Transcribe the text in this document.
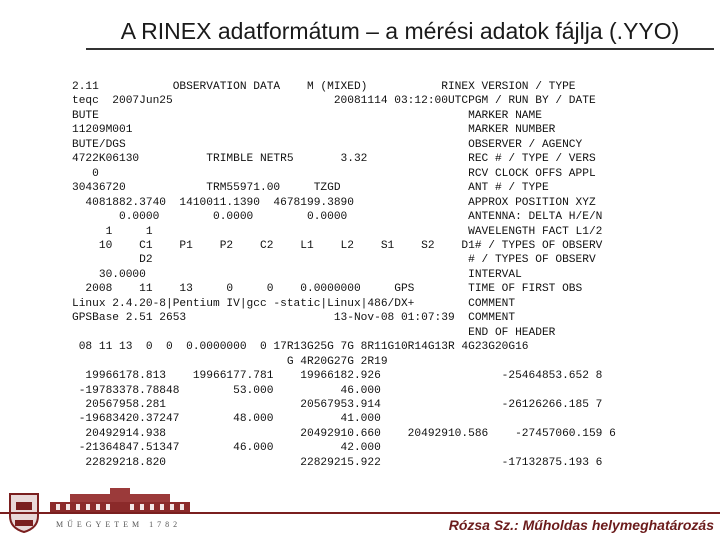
A RINEX adatformátum – a mérési adatok fájlja (.YYO)
2.11           OBSERVATION DATA    M (MIXED)           RINEX VERSION / TYPE
teqc  2007Jun25                        20081114 03:12:00UTCPGM / RUN BY / DATE
BUTE                                                       MARKER NAME
11209M001                                                  MARKER NUMBER
BUTE/DGS                                                   OBSERVER / AGENCY
4722K06130          TRIMBLE NETR5       3.32               REC # / TYPE / VERS
0                                                       RCV CLOCK OFFS APPL
30436720            TRM55971.00     TZGD                   ANT # / TYPE
4081882.3740  1410011.1390  4678199.3890                 APPROX POSITION XYZ
0.0000        0.0000        0.0000                  ANTENNA: DELTA H/E/N
1     1                                               WAVELENGTH FACT L1/2
10    C1    P1    P2    C2    L1    L2    S1    S2    D1# / TYPES OF OBSERV
D2                                               # / TYPES OF OBSERV
30.0000                                                INTERVAL
2008    11    13     0     0    0.0000000     GPS        TIME OF FIRST OBS
Linux 2.4.20-8|Pentium IV|gcc -static|Linux|486/DX+        COMMENT
GPSBase 2.51 2653                      13-Nov-08 01:07:39  COMMENT
END OF HEADER
08 11 13  0  0  0.0000000  0 17R13G25G 7G 8R11G10R14G13R 4G23G20G16
G 4R20G27G 2R19
19966178.813    19966177.781    19966182.926                  -25464853.652 8
-19783378.78848        53.000          46.000
20567958.281                    20567953.914                  -26126266.185 7
-19683420.37247        48.000          41.000
20492914.938                    20492910.660    20492910.586    -27457060.159 6
-21364847.51347        46.000          42.000
22829218.820                    22829215.922                  -17132875.193 6
MŰEGYETEM 1782	Rózsa Sz.: Műholdas helymeghatározás
